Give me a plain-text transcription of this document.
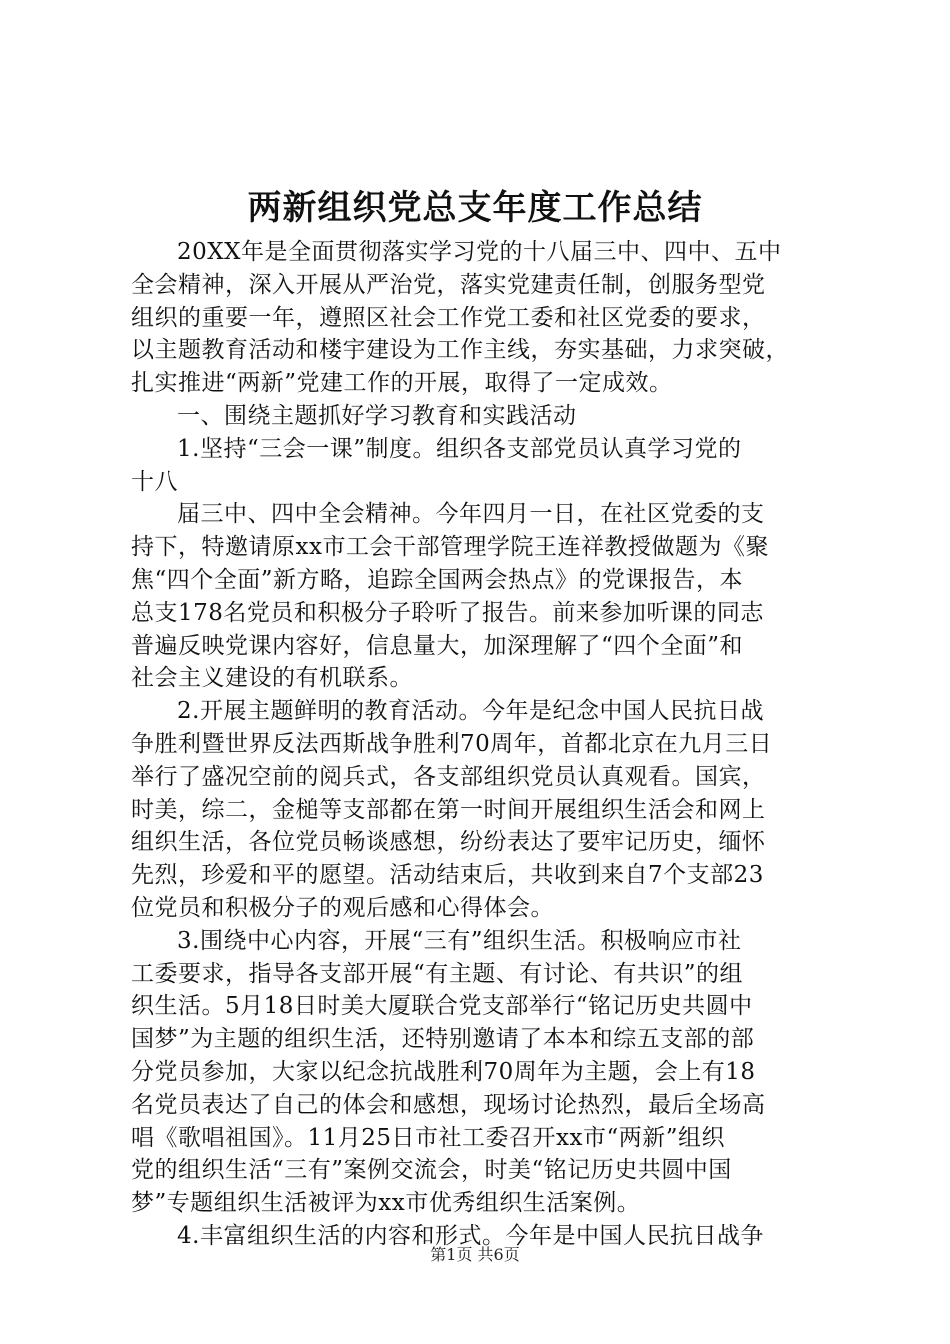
两新组织党总支年度工作总结
20XX年是全面贯彻落实学习党的十八届三中、四中、五中
全会精神，深入开展从严治党，落实党建责任制，创服务型党
组织的重要一年，遵照区社会工作党工委和社区党委的要求，
以主题教育活动和楼宇建设为工作主线，夯实基础，力求突破，
扎实推进“两新”党建工作的开展，取得了一定成效。
一、围绕主题抓好学习教育和实践活动
1.坚持“三会一课”制度。组织各支部党员认真学习党的
十八
届三中、四中全会精神。今年四月一日，在社区党委的支
持下，特邀请原xx市工会干部管理学院王连祥教授做题为《聚
焦“四个全面”新方略，追踪全国两会热点》的党课报告，本
总支178名党员和积极分子聆听了报告。前来参加听课的同志
普遍反映党课内容好，信息量大，加深理解了“四个全面”和
社会主义建设的有机联系。
2.开展主题鲜明的教育活动。今年是纪念中国人民抗日战
争胜利暨世界反法西斯战争胜利70周年，首都北京在九月三日
举行了盛况空前的阅兵式，各支部组织党员认真观看。国宾，
时美，综二，金槌等支部都在第一时间开展组织生活会和网上
组织生活，各位党员畅谈感想，纷纷表达了要牢记历史，缅怀
先烈，珍爱和平的愿望。活动结束后，共收到来自7个支部23
位党员和积极分子的观后感和心得体会。
3.围绕中心内容，开展“三有”组织生活。积极响应市社
工委要求，指导各支部开展“有主题、有讨论、有共识”的组
织生活。5月18日时美大厦联合党支部举行“铭记历史共圆中
国梦”为主题的组织生活，还特别邀请了本本和综五支部的部
分党员参加，大家以纪念抗战胜利70周年为主题，会上有18
名党员表达了自己的体会和感想，现场讨论热烈，最后全场高
唱《歌唱祖国》。11月25日市社工委召开xx市“两新”组织
党的组织生活“三有”案例交流会，时美“铭记历史共圆中国
梦”专题组织生活被评为xx市优秀组织生活案例。
4.丰富组织生活的内容和形式。今年是中国人民抗日战争
第1页 共6页
